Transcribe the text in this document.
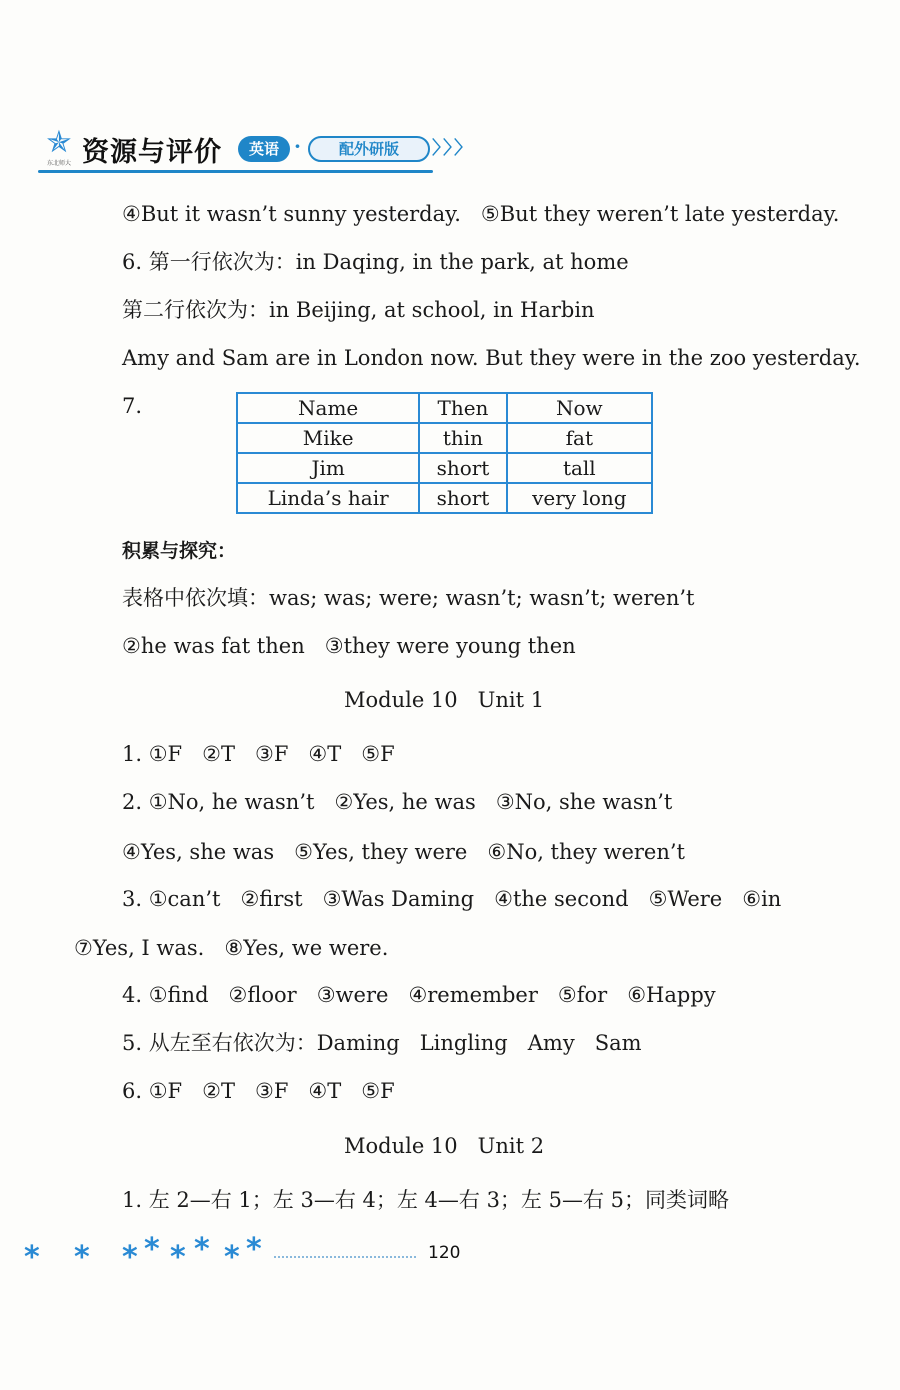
✯
东北师大 资源与评价	英语 ·	配外研版	〉〉〉
④But it wasn’t sunny yesterday.   ⑤But they weren’t late yesterday.
6. 第一行依次为：in Daqing, in the park, at home
第二行依次为：in Beijing, at school, in Harbin
Amy and Sam are in London now. But they were in the zoo yesterday.
7.	Name	Then	Now
Mike	thin	fat
Jim	short	tall
Linda’s hair	short	very long
积累与探究：
表格中依次填：was; was; were; wasn’t; wasn’t; weren’t
②he was fat then   ③they were young then
Module 10   Unit 1
1. ①F   ②T   ③F   ④T   ⑤F
2. ①No, he wasn’t   ②Yes, he was   ③No, she wasn’t
④Yes, she was   ⑤Yes, they were   ⑥No, they weren’t
3. ①can’t   ②first   ③Was Daming   ④the second   ⑤Were   ⑥in
⑦Yes, I was.   ⑧Yes, we were.
4. ①find   ②floor   ③were   ④remember   ⑤for   ⑥Happy
5. 从左至右依次为：Daming   Lingling   Amy   Sam
6. ①F   ②T   ③F   ④T   ⑤F
Module 10   Unit 2
1. 左 2—右 1；左 3—右 4；左 4—右 3；左 5—右 5；同类词略
* * * * * * * *	120
